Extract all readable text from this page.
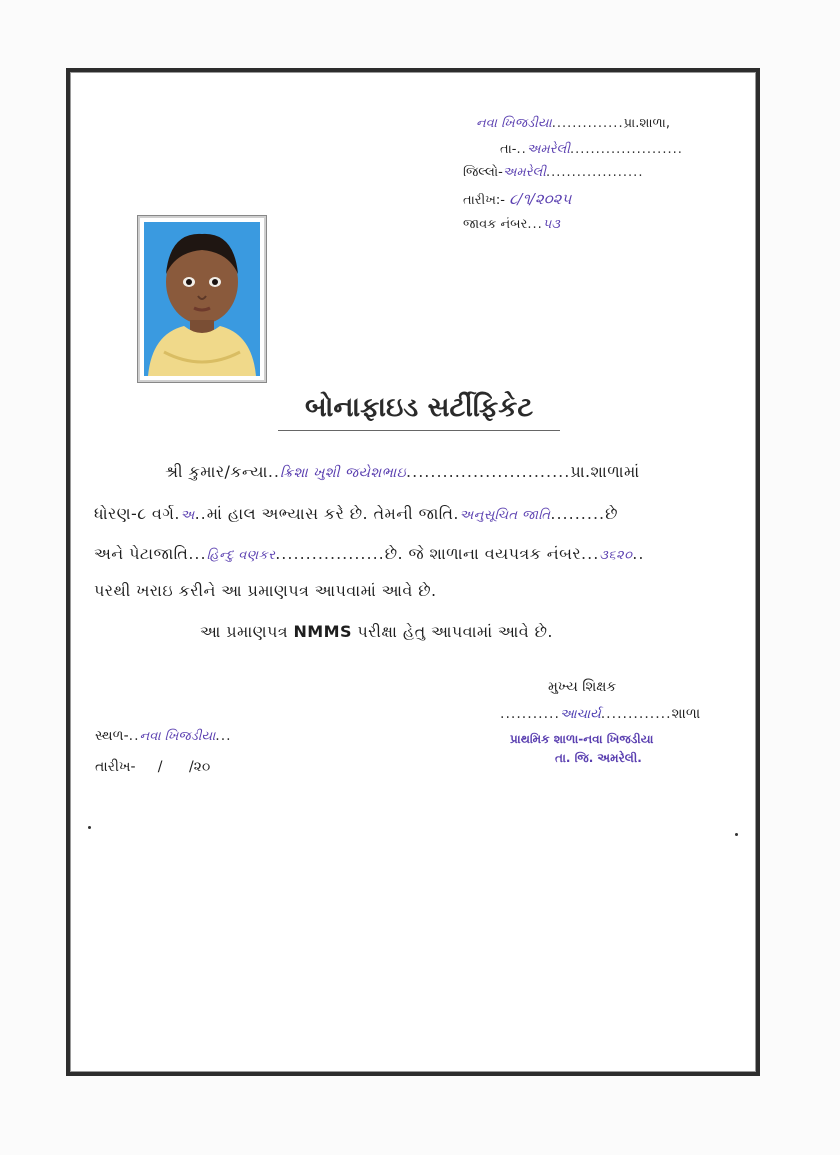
નવા ખિજડીયા..............પ્રા.શાળા,
તા-..અમરેલી......................
જિલ્લો-અમરેલી...................
તારીખ:- ૮/૧/૨૦૨૫
જાવક નંબર...૫૩
બોનાફાઇડ સર્ટીફિકેટ
શ્રી કુમાર/કન્યા..ક્રિશા ખુશી જયેશભાઇ...........................પ્રા.શાળામાં
ધોરણ-૮ વર્ગ.અ..માં હાલ અભ્યાસ કરે છે. તેમની જાતિ.અનુસૂચિત જાતિ.........છે
અને પેટાજાતિ...હિન્દુ વણકર..................છે. જે શાળાના વયપત્રક નંબર...૩૬૨૦..
પરથી ખરાઇ કરીને આ પ્રમાણપત્ર આપવામાં આવે છે.
આ પ્રમાણપત્ર NMMS પરીક્ષા હેતુ આપવામાં આવે છે.
મુખ્ય શિક્ષક
...........આચાર્ય.............શાળા
પ્રાથમિક શાળા-નવા ખિજડીયા
તા. જિ. અમરેલી.
સ્થળ-..નવા ખિજડીયા...
તારીખ- / /૨૦
